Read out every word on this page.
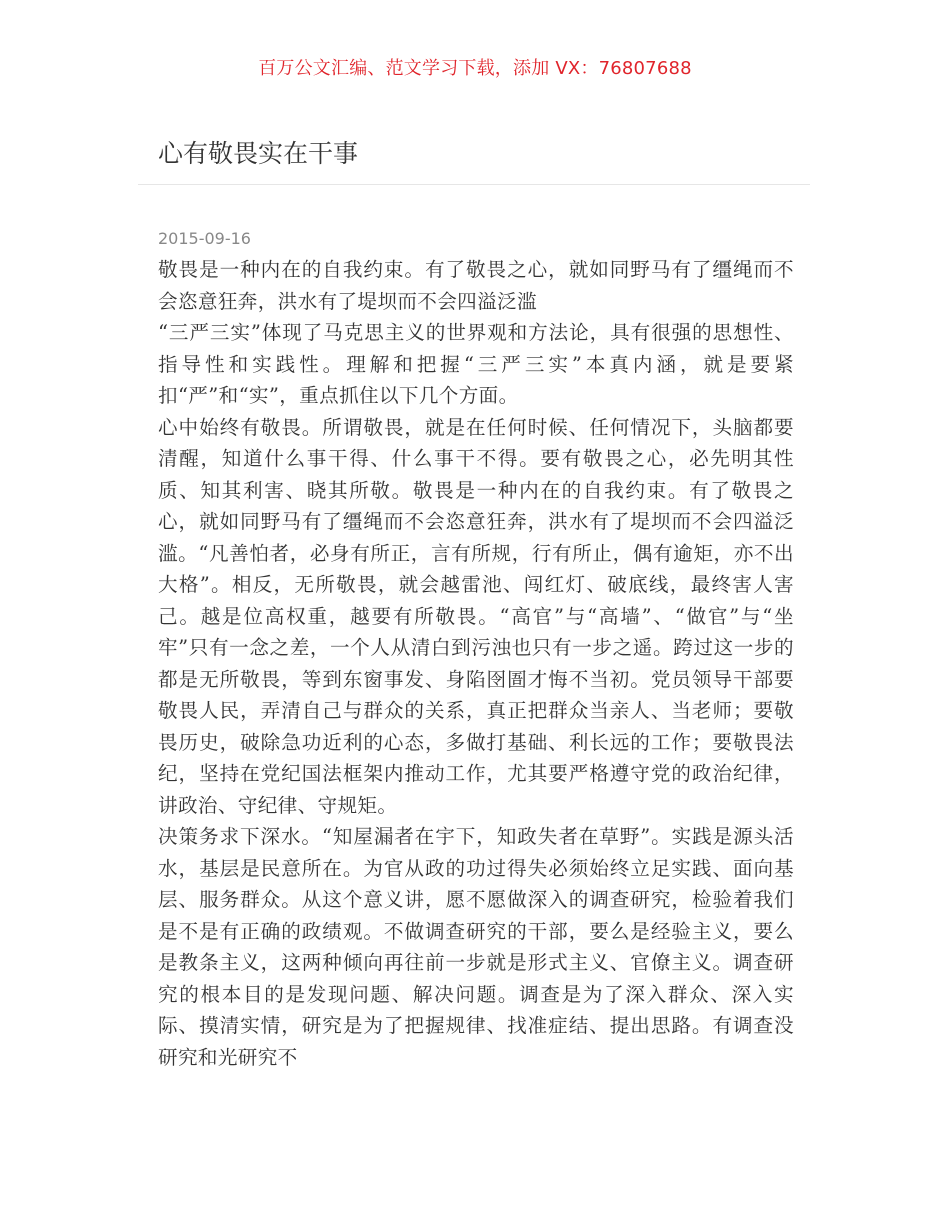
百万公文汇编、范文学习下载，添加 VX：76807688
心有敬畏实在干事
2015-09-16

敬畏是一种内在的自我约束。有了敬畏之心，就如同野马有了缰绳而不会恣意狂奔，洪水有了堤坝而不会四溢泛滥

“三严三实”体现了马克思主义的世界观和方法论，具有很强的思想性、指导性和实践性。理解和把握“三严三实”本真内涵，就是要紧扣“严”和“实”，重点抓住以下几个方面。

心中始终有敬畏。所谓敬畏，就是在任何时候、任何情况下，头脑都要清醒，知道什么事干得、什么事干不得。要有敬畏之心，必先明其性质、知其利害、晓其所敬。敬畏是一种内在的自我约束。有了敬畏之心，就如同野马有了缰绳而不会恣意狂奔，洪水有了堤坝而不会四溢泛滥。“凡善怕者，必身有所正，言有所规，行有所止，偶有逾矩，亦不出大格”。相反，无所敬畏，就会越雷池、闯红灯、破底线，最终害人害己。越是位高权重，越要有所敬畏。“高官”与“高墙”、“做官”与“坐牢”只有一念之差，一个人从清白到污浊也只有一步之遥。跨过这一步的都是无所敬畏，等到东窗事发、身陷囹圄才悔不当初。党员领导干部要敬畏人民，弄清自己与群众的关系，真正把群众当亲人、当老师；要敬畏历史，破除急功近利的心态，多做打基础、利长远的工作；要敬畏法纪，坚持在党纪国法框架内推动工作，尤其要严格遵守党的政治纪律，讲政治、守纪律、守规矩。

决策务求下深水。“知屋漏者在宇下，知政失者在草野”。实践是源头活水，基层是民意所在。为官从政的功过得失必须始终立足实践、面向基层、服务群众。从这个意义讲，愿不愿做深入的调查研究，检验着我们是不是有正确的政绩观。不做调查研究的干部，要么是经验主义，要么是教条主义，这两种倾向再往前一步就是形式主义、官僚主义。调查研究的根本目的是发现问题、解决问题。调查是为了深入群众、深入实际、摸清实情，研究是为了把握规律、找准症结、提出思路。有调查没研究和光研究不
